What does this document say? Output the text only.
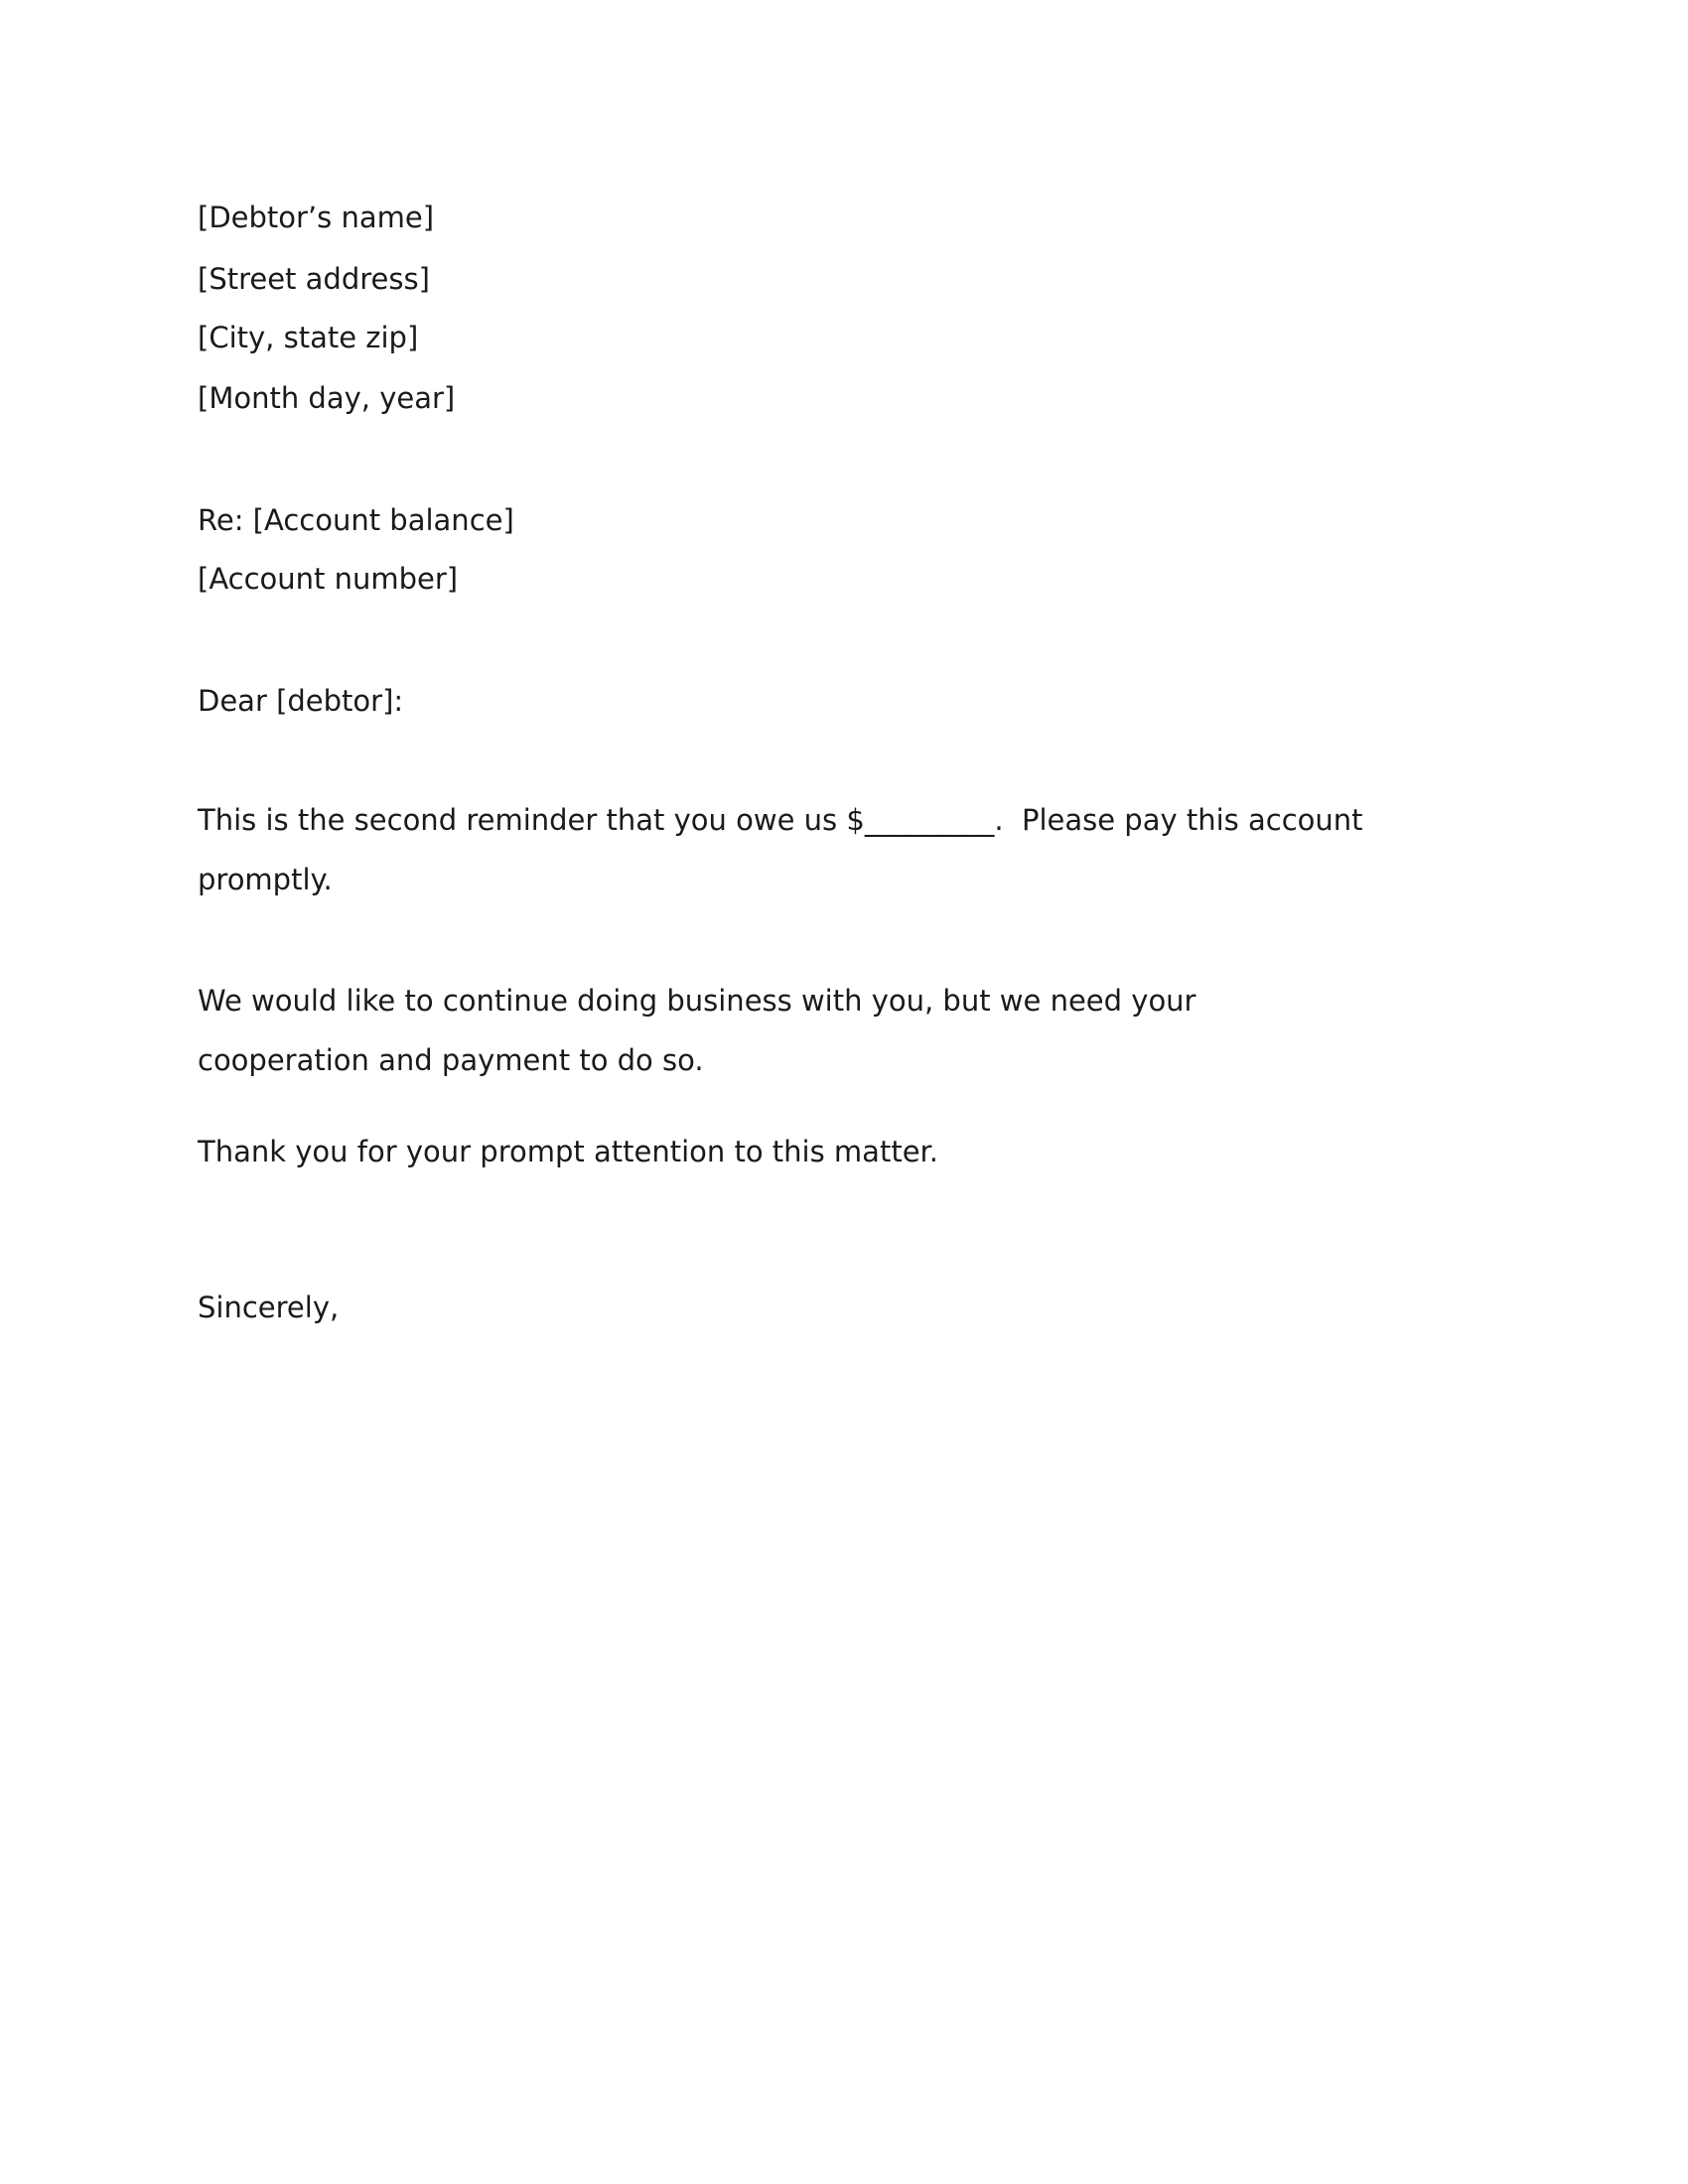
[Debtor’s name]
[Street address]
[City, state zip]
[Month day, year]
Re: [Account balance]
[Account number]
Dear [debtor]:
This is the second reminder that you owe us $_________.  Please pay this account
promptly.
We would like to continue doing business with you, but we need your
cooperation and payment to do so.
Thank you for your prompt attention to this matter.
Sincerely,
